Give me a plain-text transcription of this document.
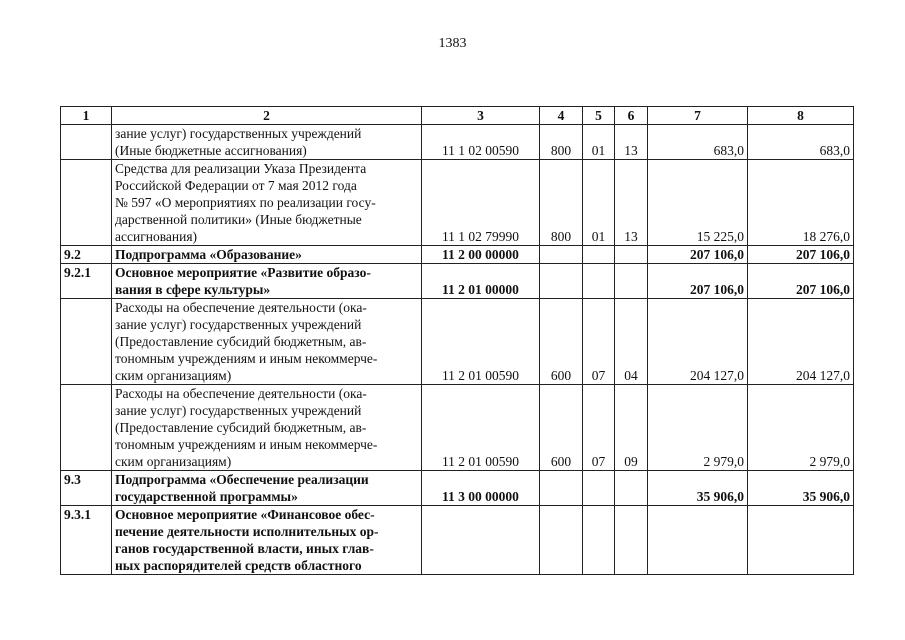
1383
1	2	3	4	5	6	7	8

	зание услуг) государственных учреждений
(Иные бюджетные ассигнования)	11 1 02 00590	800	01	13	683,0	683,0

	Средства для реализации Указа Президента
Российской Федерации от 7 мая 2012 года
№ 597 «О мероприятиях по реализации госу-
дарственной политики» (Иные бюджетные
ассигнования)	11 1 02 79990	800	01	13	15 225,0	18 276,0
9.2	Подпрограмма «Образование»	11 2 00 00000				207 106,0	207 106,0
9.2.1	Основное мероприятие «Развитие образо-
вания в сфере культуры»	11 2 01 00000				207 106,0	207 106,0

	Расходы на обеспечение деятельности (ока-
зание услуг) государственных учреждений
(Предоставление субсидий бюджетным, ав-
тономным учреждениям и иным некоммерче-
ским организациям)	11 2 01 00590	600	07	04	204 127,0	204 127,0

	Расходы на обеспечение деятельности (ока-
зание услуг) государственных учреждений
(Предоставление субсидий бюджетным, ав-
тономным учреждениям и иным некоммерче-
ским организациям)	11 2 01 00590	600	07	09	2 979,0	2 979,0
9.3	Подпрограмма «Обеспечение реализации
государственной программы»	11 3 00 00000				35 906,0	35 906,0
9.3.1	Основное мероприятие «Финансовое обес-
печение деятельности исполнительных ор-
ганов государственной власти, иных глав-
ных распорядителей средств областного						
